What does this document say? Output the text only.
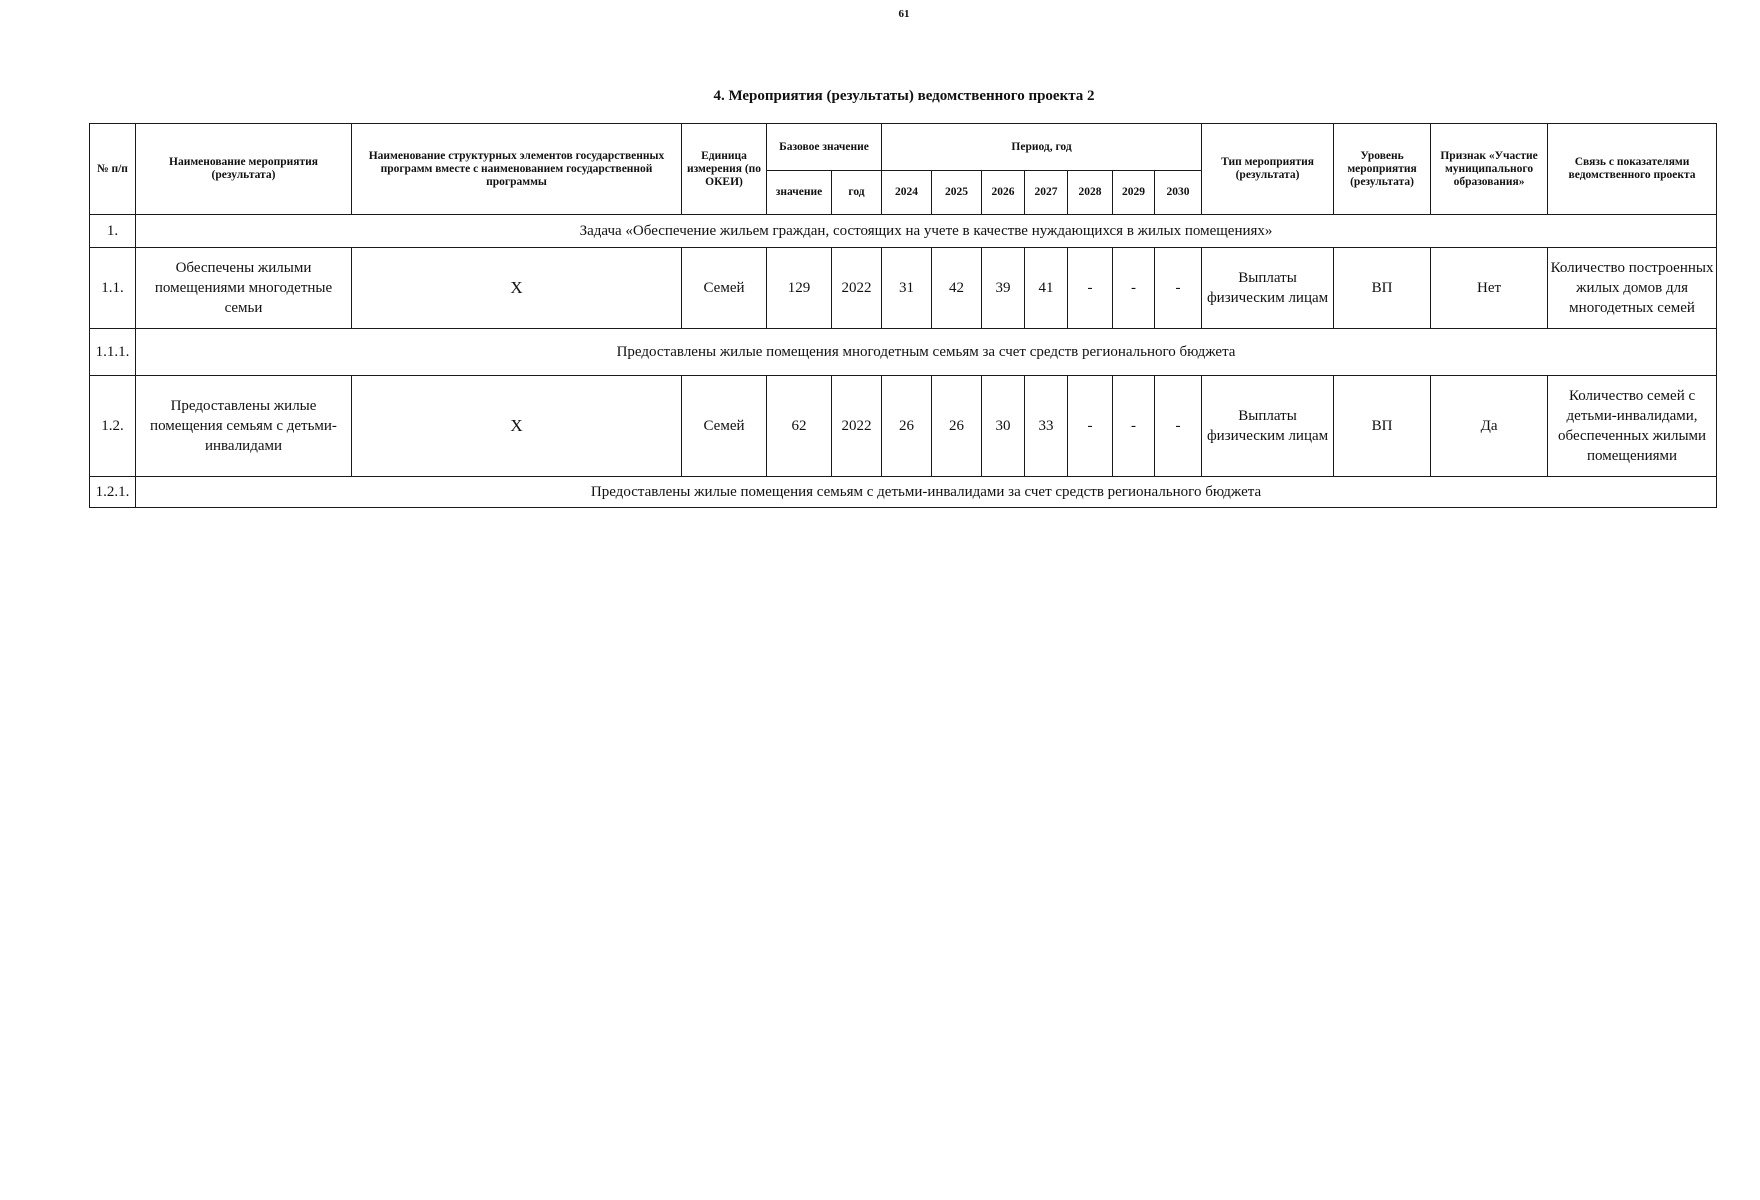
61
4. Мероприятия (результаты) ведомственного проекта 2
№ п/п	Наименование мероприятия (результата)	Наименование структурных элементов государственных программ вместе с наименованием государственной программы	Единица измерения (по ОКЕИ)	Базовое значение		Период, год							Тип мероприятия (результата)	Уровень мероприятия (результата)	Признак «Участие муниципального образования»	Связь с показателями ведомственного проекта
				значение	год	2024	2025	2026	2027	2028	2029	2030				
1.	Задача «Обеспечение жильем граждан, состоящих на учете в качестве нуждающихся в жилых помещениях»															
1.1.	Обеспечены жилыми помещениями многодетные семьи	X	Семей	129	2022	31	42	39	41	-	-	-	Выплаты физическим лицам	ВП	Нет	Количество построенных жилых домов для многодетных семей
1.1.1.	Предоставлены жилые помещения многодетным семьям за счет средств регионального бюджета															
1.2.	Предоставлены жилые помещения семьям с детьми-инвалидами	X	Семей	62	2022	26	26	30	33	-	-	-	Выплаты физическим лицам	ВП	Да	Количество семей с детьми-инвалидами, обеспеченных жилыми помещениями
1.2.1.	Предоставлены жилые помещения семьям с детьми-инвалидами за счет средств регионального бюджета															
